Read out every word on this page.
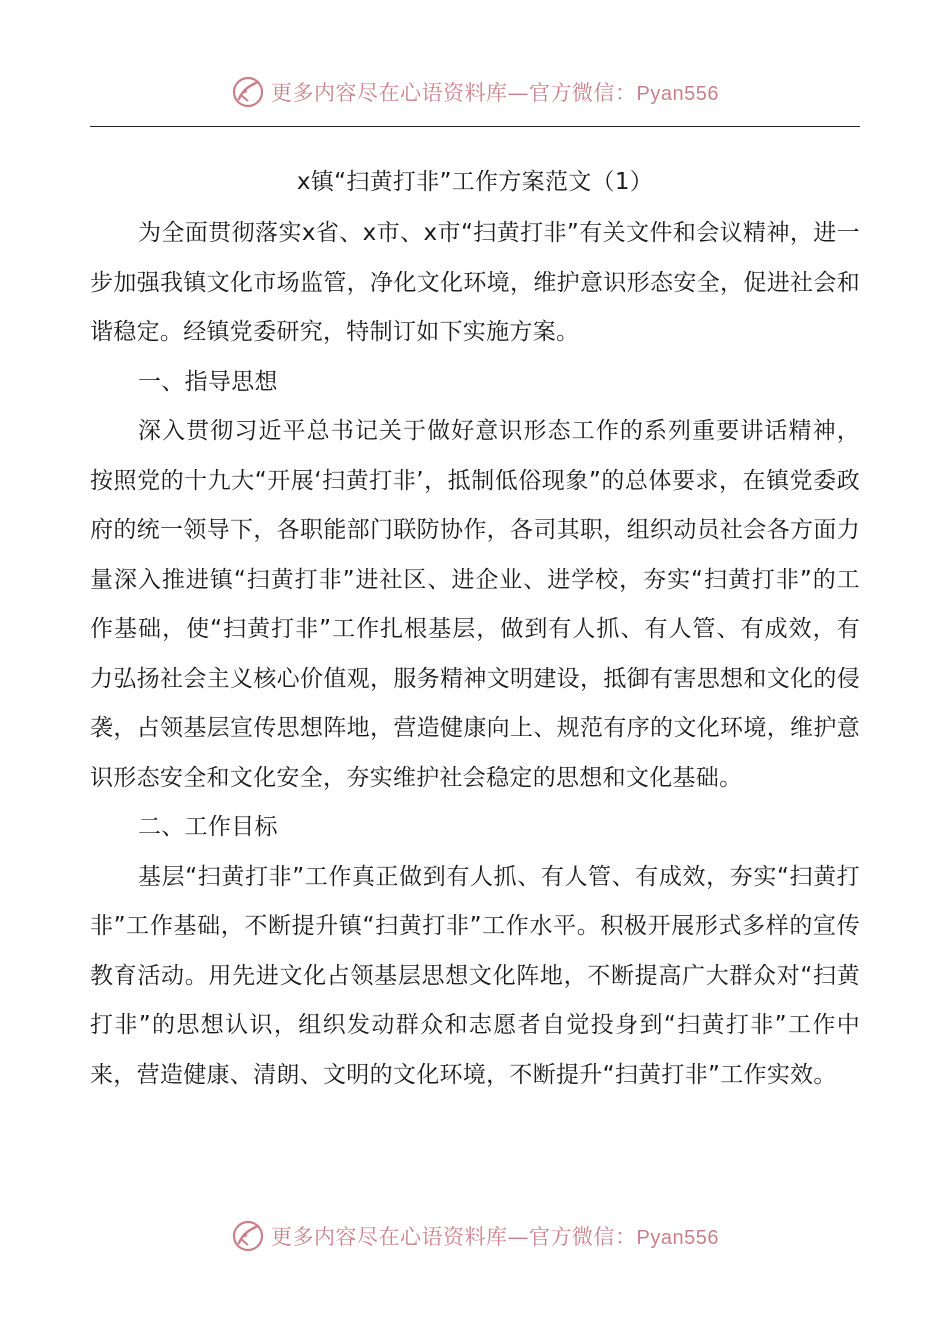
更多内容尽在心语资料库—官方微信：Pyan556
x镇“扫黄打非”工作方案范文（1）

为全面贯彻落实x省、x市、x市“扫黄打非”有关文件和会议精神，进一步加强我镇文化市场监管，净化文化环境，维护意识形态安全，促进社会和谐稳定。经镇党委研究，特制订如下实施方案。

一、指导思想

深入贯彻习近平总书记关于做好意识形态工作的系列重要讲话精神，按照党的十九大“开展‘扫黄打非’，抵制低俗现象”的总体要求，在镇党委政府的统一领导下，各职能部门联防协作，各司其职，组织动员社会各方面力量深入推进镇“扫黄打非”进社区、进企业、进学校，夯实“扫黄打非”的工作基础，使“扫黄打非”工作扎根基层，做到有人抓、有人管、有成效，有力弘扬社会主义核心价值观，服务精神文明建设，抵御有害思想和文化的侵袭，占领基层宣传思想阵地，营造健康向上、规范有序的文化环境，维护意识形态安全和文化安全，夯实维护社会稳定的思想和文化基础。

二、工作目标

基层“扫黄打非”工作真正做到有人抓、有人管、有成效，夯实“扫黄打非”工作基础，不断提升镇“扫黄打非”工作水平。积极开展形式多样的宣传教育活动。用先进文化占领基层思想文化阵地，不断提高广大群众对“扫黄打非”的思想认识，组织发动群众和志愿者自觉投身到“扫黄打非”工作中来，营造健康、清朗、文明的文化环境，不断提升“扫黄打非”工作实效。

更多内容尽在心语资料库—官方微信：Pyan556
